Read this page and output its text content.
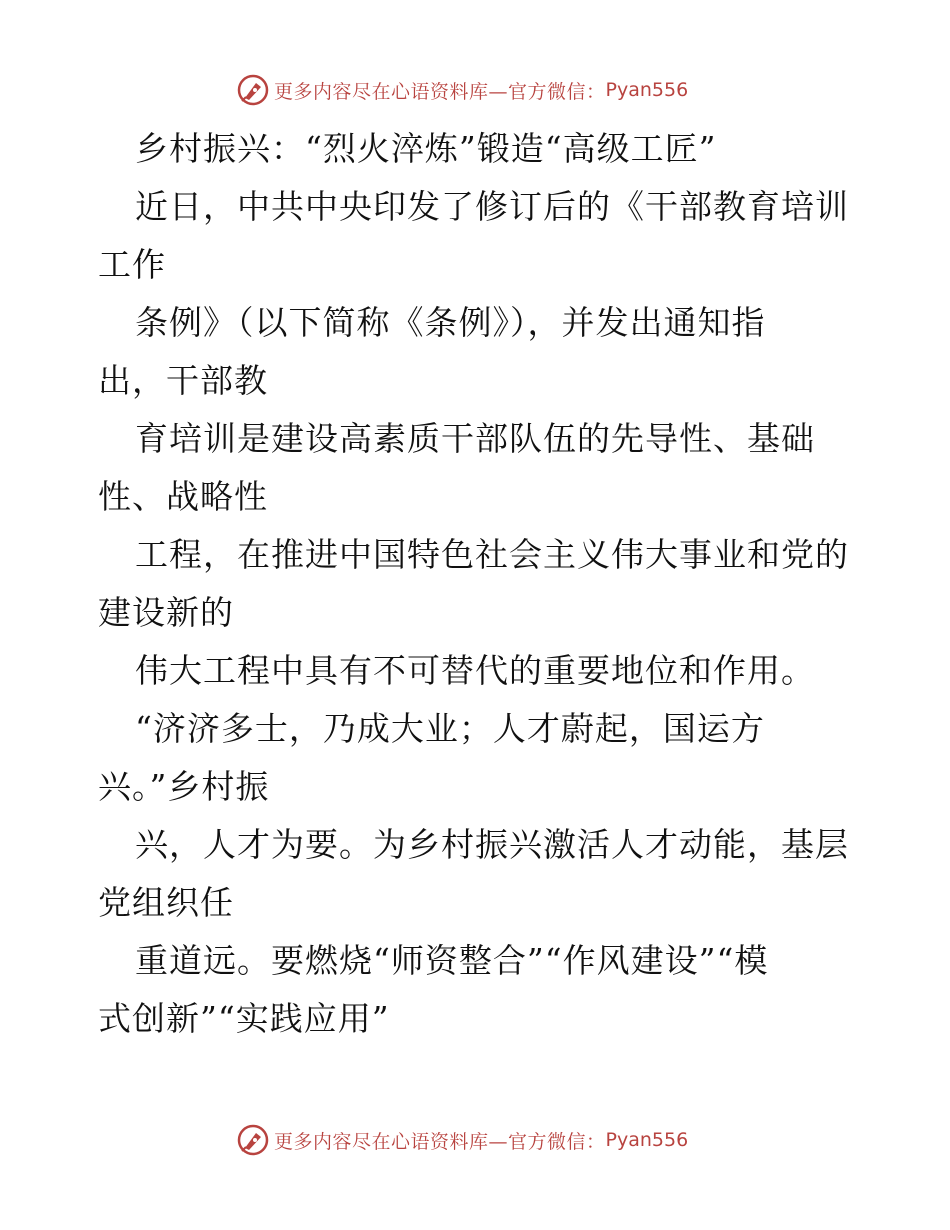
更多内容尽在心语资料库—官方微信： Pyan556
乡村振兴：“烈火淬炼”锻造“高级工匠”
近日，中共中央印发了修订后的《干部教育培训
工作
条例》（以下简称《条例》），并发出通知指
出，干部教
育培训是建设高素质干部队伍的先导性、基础
性、战略性
工程，在推进中国特色社会主义伟大事业和党的
建设新的
伟大工程中具有不可替代的重要地位和作用。
“济济多士，乃成大业；人才蔚起，国运方
兴。”乡村振
兴，人才为要。为乡村振兴激活人才动能，基层
党组织任
重道远。要燃烧“师资整合”“作风建设”“模
式创新”“实践应用”
更多内容尽在心语资料库—官方微信： Pyan556
